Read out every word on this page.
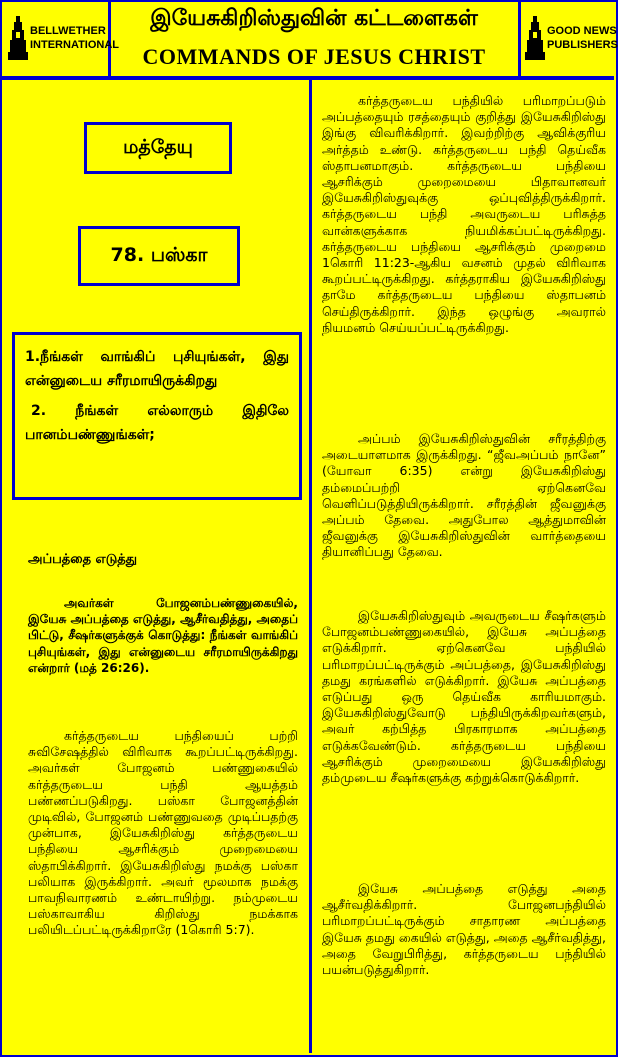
BELLWETHER
INTERNATIONAL
இயேசுகிறிஸ்துவின் கட்டளைகள்
COMMANDS OF JESUS CHRIST
GOOD NEWS
PUBLISHERS
மத்தேயு
78. பஸ்கா

1.நீங்கள் வாங்கிப் புசியுங்கள், இது என்னுடைய சரீரமாயிருக்கிறது

2. நீங்கள் எல்லாரும் இதிலே பானம்பண்ணுங்கள்;

அப்பத்தை எடுத்து
அவர்கள் போஜனம்பண்ணுகையில், இயேசு அப்பத்தை எடுத்து, ஆசீர்வதித்து, அதைப் பிட்டு, சீஷர்களுக்குக் கொடுத்து: நீங்கள் வாங்கிப் புசியுங்கள், இது என்னுடைய சரீரமாயிருக்கிறது என்றார் (மத் 26:26).
கர்த்தருடைய பந்தியைப் பற்றி சுவிசேஷத்தில் விரிவாக கூறப்பட்டிருக்கிறது. அவர்கள் போஜனம் பண்ணுகையில் கர்த்தருடைய பந்தி ஆயத்தம் பண்ணப்படுகிறது. பஸ்கா போஜனத்தின் முடிவில், போஜனம் பண்ணுவதை முடிப்பதற்கு முன்பாக, இயேசுகிறிஸ்து கர்த்தருடைய பந்தியை ஆசரிக்கும் முறைமையை ஸ்தாபிக்கிறார். இயேசுகிறிஸ்து நமக்கு பஸ்கா பலியாக இருக்கிறார். அவர் மூலமாக நமக்கு பாவநிவாரணம் உண்டாயிற்று. நம்முடைய பஸ்காவாகிய கிறிஸ்து நமக்காக பலியிடப்பட்டிருக்கிறாரே (1கொரி 5:7).
கர்த்தருடைய பந்தியில் பரிமாறப்படும் அப்பத்தையும் ரசத்தையும் குறித்து இயேசுகிறிஸ்து இங்கு விவரிக்கிறார். இவற்றிற்கு ஆவிக்குரிய அர்த்தம் உண்டு. கர்த்தருடைய பந்தி தெய்வீக ஸ்தாபனமாகும். கர்த்தருடைய பந்தியை ஆசரிக்கும் முறைமையை பிதாவானவர் இயேசுகிறிஸ்துவுக்கு ஒப்புவித்திருக்கிறார். கர்த்தருடைய பந்தி அவருடைய பரிசுத்த வான்களுக்காக நியமிக்கப்பட்டிருக்கிறது. கர்த்தருடைய பந்தியை ஆசரிக்கும் முறைமை 1கொரி 11:23-ஆகிய வசனம் முதல் விரிவாக கூறப்பட்டிருக்கிறது. கர்த்தராகிய இயேசுகிறிஸ்து தாமே கர்த்தருடைய பந்தியை ஸ்தாபனம் செய்திருக்கிறார். இந்த ஒழுங்கு அவரால் நியமனம் செய்யப்பட்டிருக்கிறது.
அப்பம் இயேசுகிறிஸ்துவின் சரீரத்திற்கு அடையாளமாக இருக்கிறது. “ஜீவஅப்பம் நானே” (யோவா 6:35) என்று இயேசுகிறிஸ்து தம்மைப்பற்றி ஏற்கெனவே வெளிப்படுத்தியிருக்கிறார். சரீரத்தின் ஜீவனுக்கு அப்பம் தேவை. அதுபோல ஆத்துமாவின் ஜீவனுக்கு இயேசுகிறிஸ்துவின் வார்த்தையை தியானிப்பது தேவை.
இயேசுகிறிஸ்துவும் அவருடைய சீஷர்களும் போஜனம்பண்ணுகையில், இயேசு அப்பத்தை எடுக்கிறார். ஏற்கெனவே பந்தியில் பரிமாறப்பட்டிருக்கும் அப்பத்தை, இயேசுகிறிஸ்து தமது கரங்களில் எடுக்கிறார். இயேசு அப்பத்தை எடுப்பது ஒரு தெய்வீக காரியமாகும். இயேசுகிறிஸ்துவோடு பந்தியிருக்கிறவர்களும், அவர் கற்பித்த பிரகாரமாக அப்பத்தை எடுக்கவேண்டும். கர்த்தருடைய பந்தியை ஆசரிக்கும் முறைமையை இயேசுகிறிஸ்து தம்முடைய சீஷர்களுக்கு கற்றுக்கொடுக்கிறார்.
இயேசு அப்பத்தை எடுத்து அதை ஆசீர்வதிக்கிறார். போஜனபந்தியில் பரிமாறப்பட்டிருக்கும் சாதாரண அப்பத்தை இயேசு தமது கையில் எடுத்து, அதை ஆசீர்வதித்து, அதை வேறுபிரித்து, கர்த்தருடைய பந்தியில் பயன்படுத்துகிறார்.
